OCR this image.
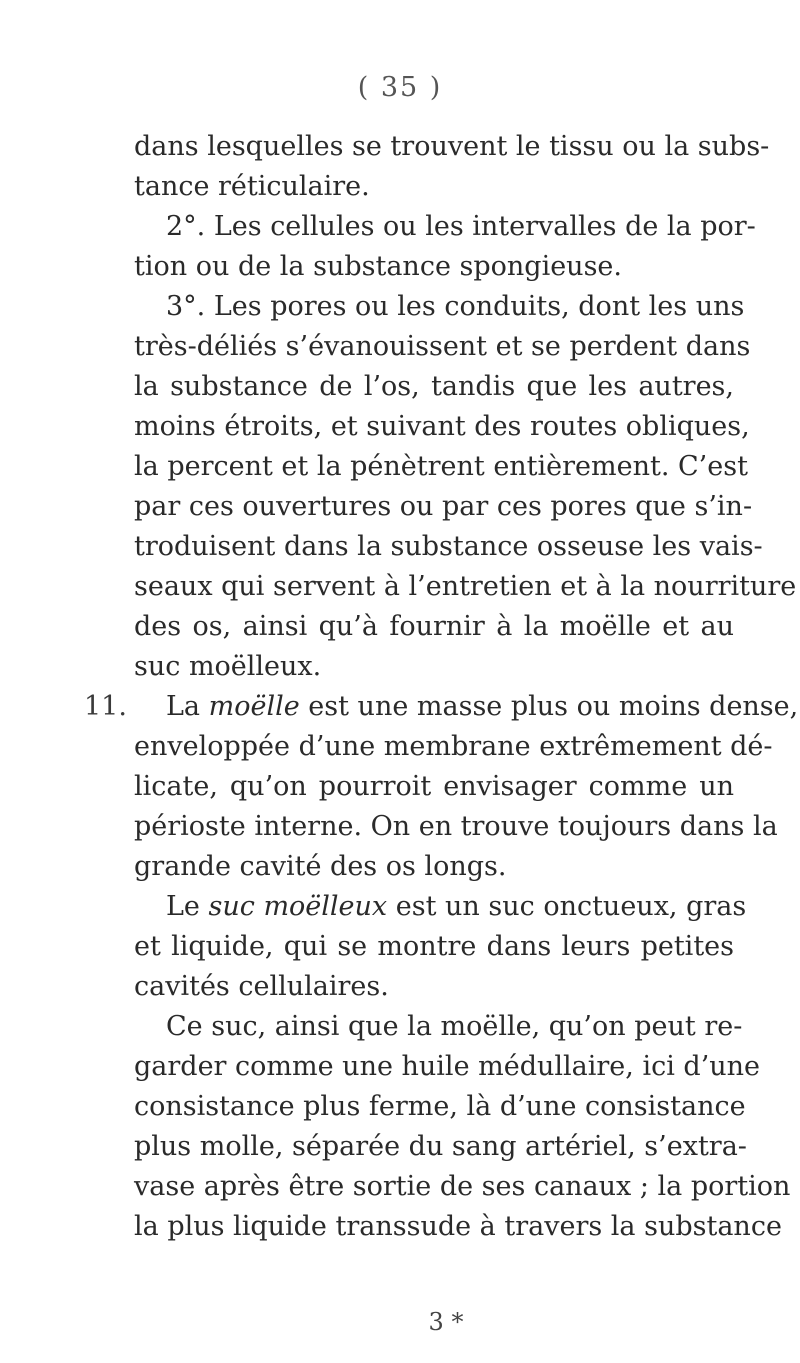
( 35 )
dans lesquelles se trouvent le tissu ou la subs-
tance réticulaire.
2°. Les cellules ou les intervalles de la por-
tion ou de la substance spongieuse.
3°. Les pores ou les conduits, dont les uns
très-déliés s’évanouissent et se perdent dans
la substance de l’os, tandis que les autres,
moins étroits, et suivant des routes obliques,
la percent et la pénètrent entièrement. C’est
par ces ouvertures ou par ces pores que s’in-
troduisent dans la substance osseuse les vais-
seaux qui servent à l’entretien et à la nourriture
des os, ainsi qu’à fournir à la moëlle et au
suc moëlleux.
11.	La moëlle est une masse plus ou moins dense,
enveloppée d’une membrane extrêmement dé-
licate, qu’on pourroit envisager comme un
périoste interne. On en trouve toujours dans la
grande cavité des os longs.
Le suc moëlleux est un suc onctueux, gras
et liquide, qui se montre dans leurs petites
cavités cellulaires.
Ce suc, ainsi que la moëlle, qu’on peut re-
garder comme une huile médullaire, ici d’une
consistance plus ferme, là d’une consistance
plus molle, séparée du sang artériel, s’extra-
vase après être sortie de ses canaux ; la portion
la plus liquide transsude à travers la substance
3 *
